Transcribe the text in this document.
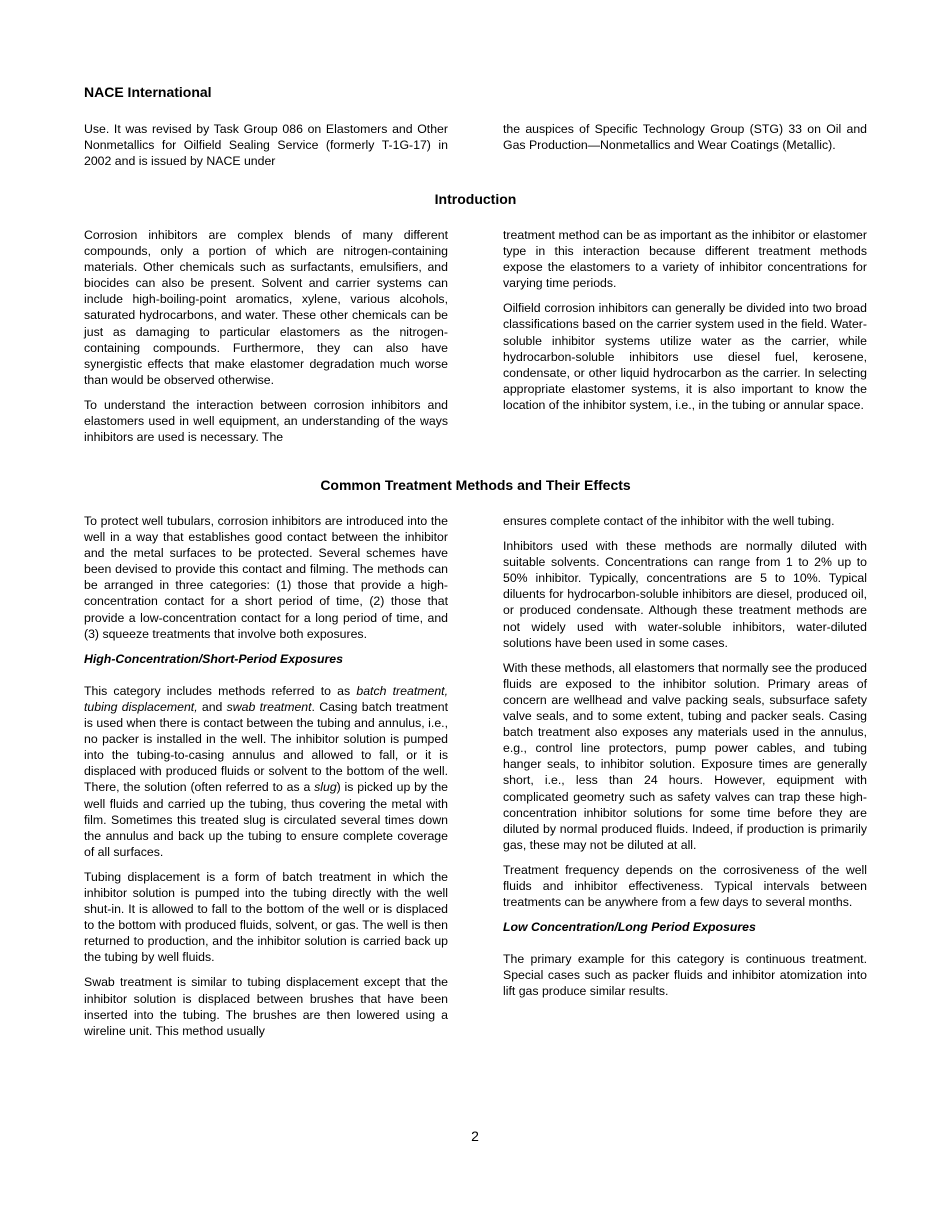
NACE International

Use. It was revised by Task Group 086 on Elastomers and Other Nonmetallics for Oilfield Sealing Service (formerly T-1G-17) in 2002 and is issued by NACE under

the auspices of Specific Technology Group (STG) 33 on Oil and Gas Production—Nonmetallics and Wear Coatings (Metallic).

Introduction

Corrosion inhibitors are complex blends of many different compounds, only a portion of which are nitrogen-containing materials. Other chemicals such as surfactants, emulsifiers, and biocides can also be present. Solvent and carrier systems can include high-boiling-point aromatics, xylene, various alcohols, saturated hydrocarbons, and water. These other chemicals can be just as damaging to particular elastomers as the nitrogen-containing compounds. Furthermore, they can also have synergistic effects that make elastomer degradation much worse than would be observed otherwise.

To understand the interaction between corrosion inhibitors and elastomers used in well equipment, an understanding of the ways inhibitors are used is necessary. The

treatment method can be as important as the inhibitor or elastomer type in this interaction because different treatment methods expose the elastomers to a variety of inhibitor concentrations for varying time periods.

Oilfield corrosion inhibitors can generally be divided into two broad classifications based on the carrier system used in the field. Water-soluble inhibitor systems utilize water as the carrier, while hydrocarbon-soluble inhibitors use diesel fuel, kerosene, condensate, or other liquid hydrocarbon as the carrier. In selecting appropriate elastomer systems, it is also important to know the location of the inhibitor system, i.e., in the tubing or annular space.

Common Treatment Methods and Their Effects

To protect well tubulars, corrosion inhibitors are introduced into the well in a way that establishes good contact between the inhibitor and the metal surfaces to be protected. Several schemes have been devised to provide this contact and filming. The methods can be arranged in three categories: (1) those that provide a high-concentration contact for a short period of time, (2) those that provide a low-concentration contact for a long period of time, and (3) squeeze treatments that involve both exposures.

High-Concentration/Short-Period Exposures

This category includes methods referred to as batch treatment, tubing displacement, and swab treatment. Casing batch treatment is used when there is contact between the tubing and annulus, i.e., no packer is installed in the well. The inhibitor solution is pumped into the tubing-to-casing annulus and allowed to fall, or it is displaced with produced fluids or solvent to the bottom of the well. There, the solution (often referred to as a slug) is picked up by the well fluids and carried up the tubing, thus covering the metal with film. Sometimes this treated slug is circulated several times down the annulus and back up the tubing to ensure complete coverage of all surfaces.

Tubing displacement is a form of batch treatment in which the inhibitor solution is pumped into the tubing directly with the well shut-in. It is allowed to fall to the bottom of the well or is displaced to the bottom with produced fluids, solvent, or gas. The well is then returned to production, and the inhibitor solution is carried back up the tubing by well fluids.

Swab treatment is similar to tubing displacement except that the inhibitor solution is displaced between brushes that have been inserted into the tubing. The brushes are then lowered using a wireline unit. This method usually

ensures complete contact of the inhibitor with the well tubing.

Inhibitors used with these methods are normally diluted with suitable solvents. Concentrations can range from 1 to 2% up to 50% inhibitor. Typically, concentrations are 5 to 10%. Typical diluents for hydrocarbon-soluble inhibitors are diesel, produced oil, or produced condensate. Although these treatment methods are not widely used with water-soluble inhibitors, water-diluted solutions have been used in some cases.

With these methods, all elastomers that normally see the produced fluids are exposed to the inhibitor solution. Primary areas of concern are wellhead and valve packing seals, subsurface safety valve seals, and to some extent, tubing and packer seals. Casing batch treatment also exposes any materials used in the annulus, e.g., control line protectors, pump power cables, and tubing hanger seals, to inhibitor solution. Exposure times are generally short, i.e., less than 24 hours. However, equipment with complicated geometry such as safety valves can trap these high-concentration inhibitor solutions for some time before they are diluted by normal produced fluids. Indeed, if production is primarily gas, these may not be diluted at all.

Treatment frequency depends on the corrosiveness of the well fluids and inhibitor effectiveness. Typical intervals between treatments can be anywhere from a few days to several months.

Low Concentration/Long Period Exposures

The primary example for this category is continuous treatment. Special cases such as packer fluids and inhibitor atomization into lift gas produce similar results.

2
